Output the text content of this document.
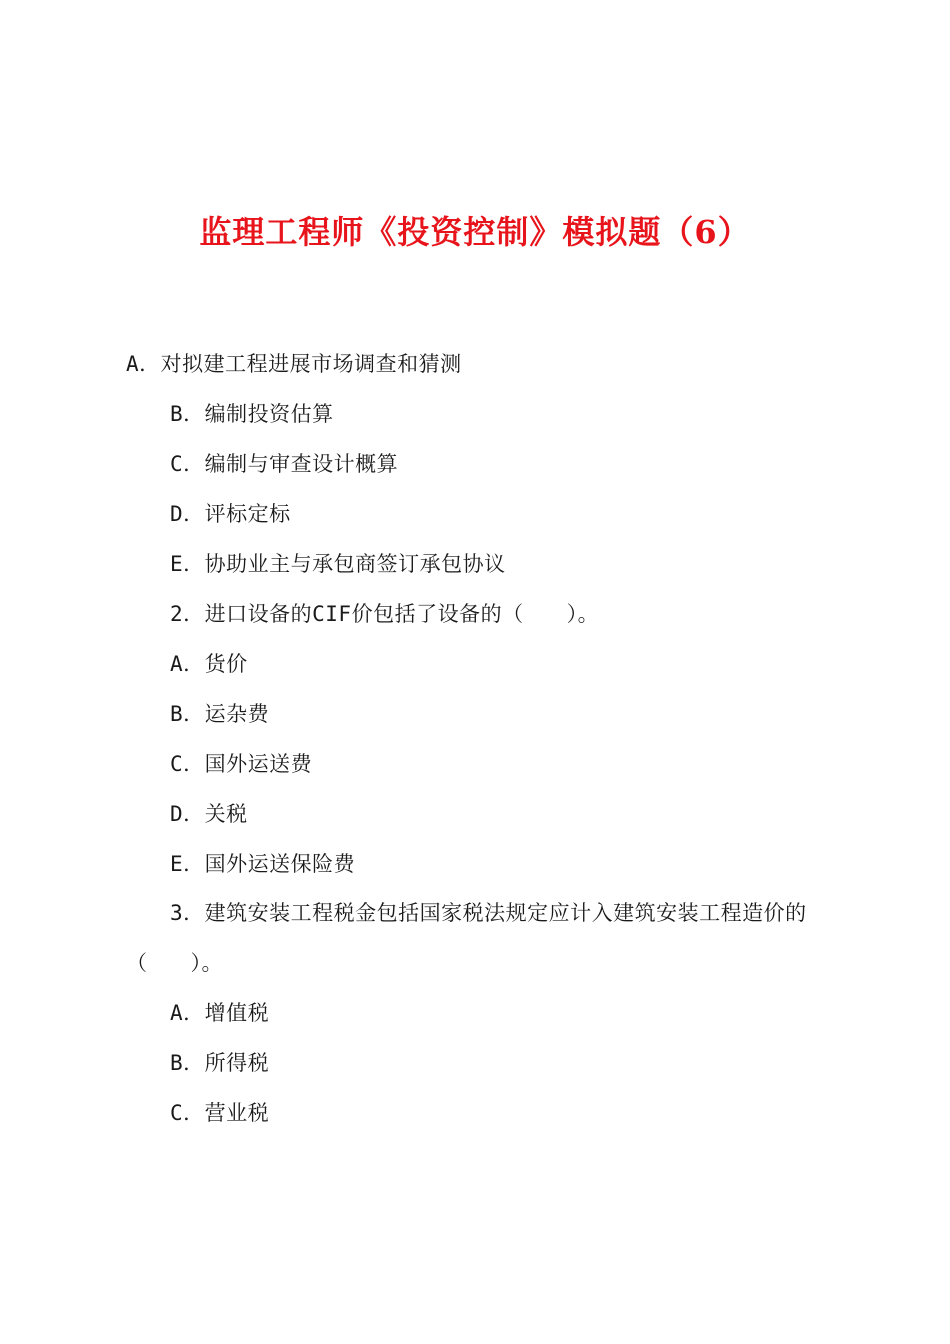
监理工程师《投资控制》模拟题（6）
A．对拟建工程进展市场调查和猜测
B．编制投资估算
C．编制与审查设计概算
D．评标定标
E．协助业主与承包商签订承包协议
2．进口设备的CIF价包括了设备的（　　）。
A．货价
B．运杂费
C．国外运送费
D．关税
E．国外运送保险费
3．建筑安装工程税金包括国家税法规定应计入建筑安装工程造价的
（　　）。
A．增值税
B．所得税
C．营业税
